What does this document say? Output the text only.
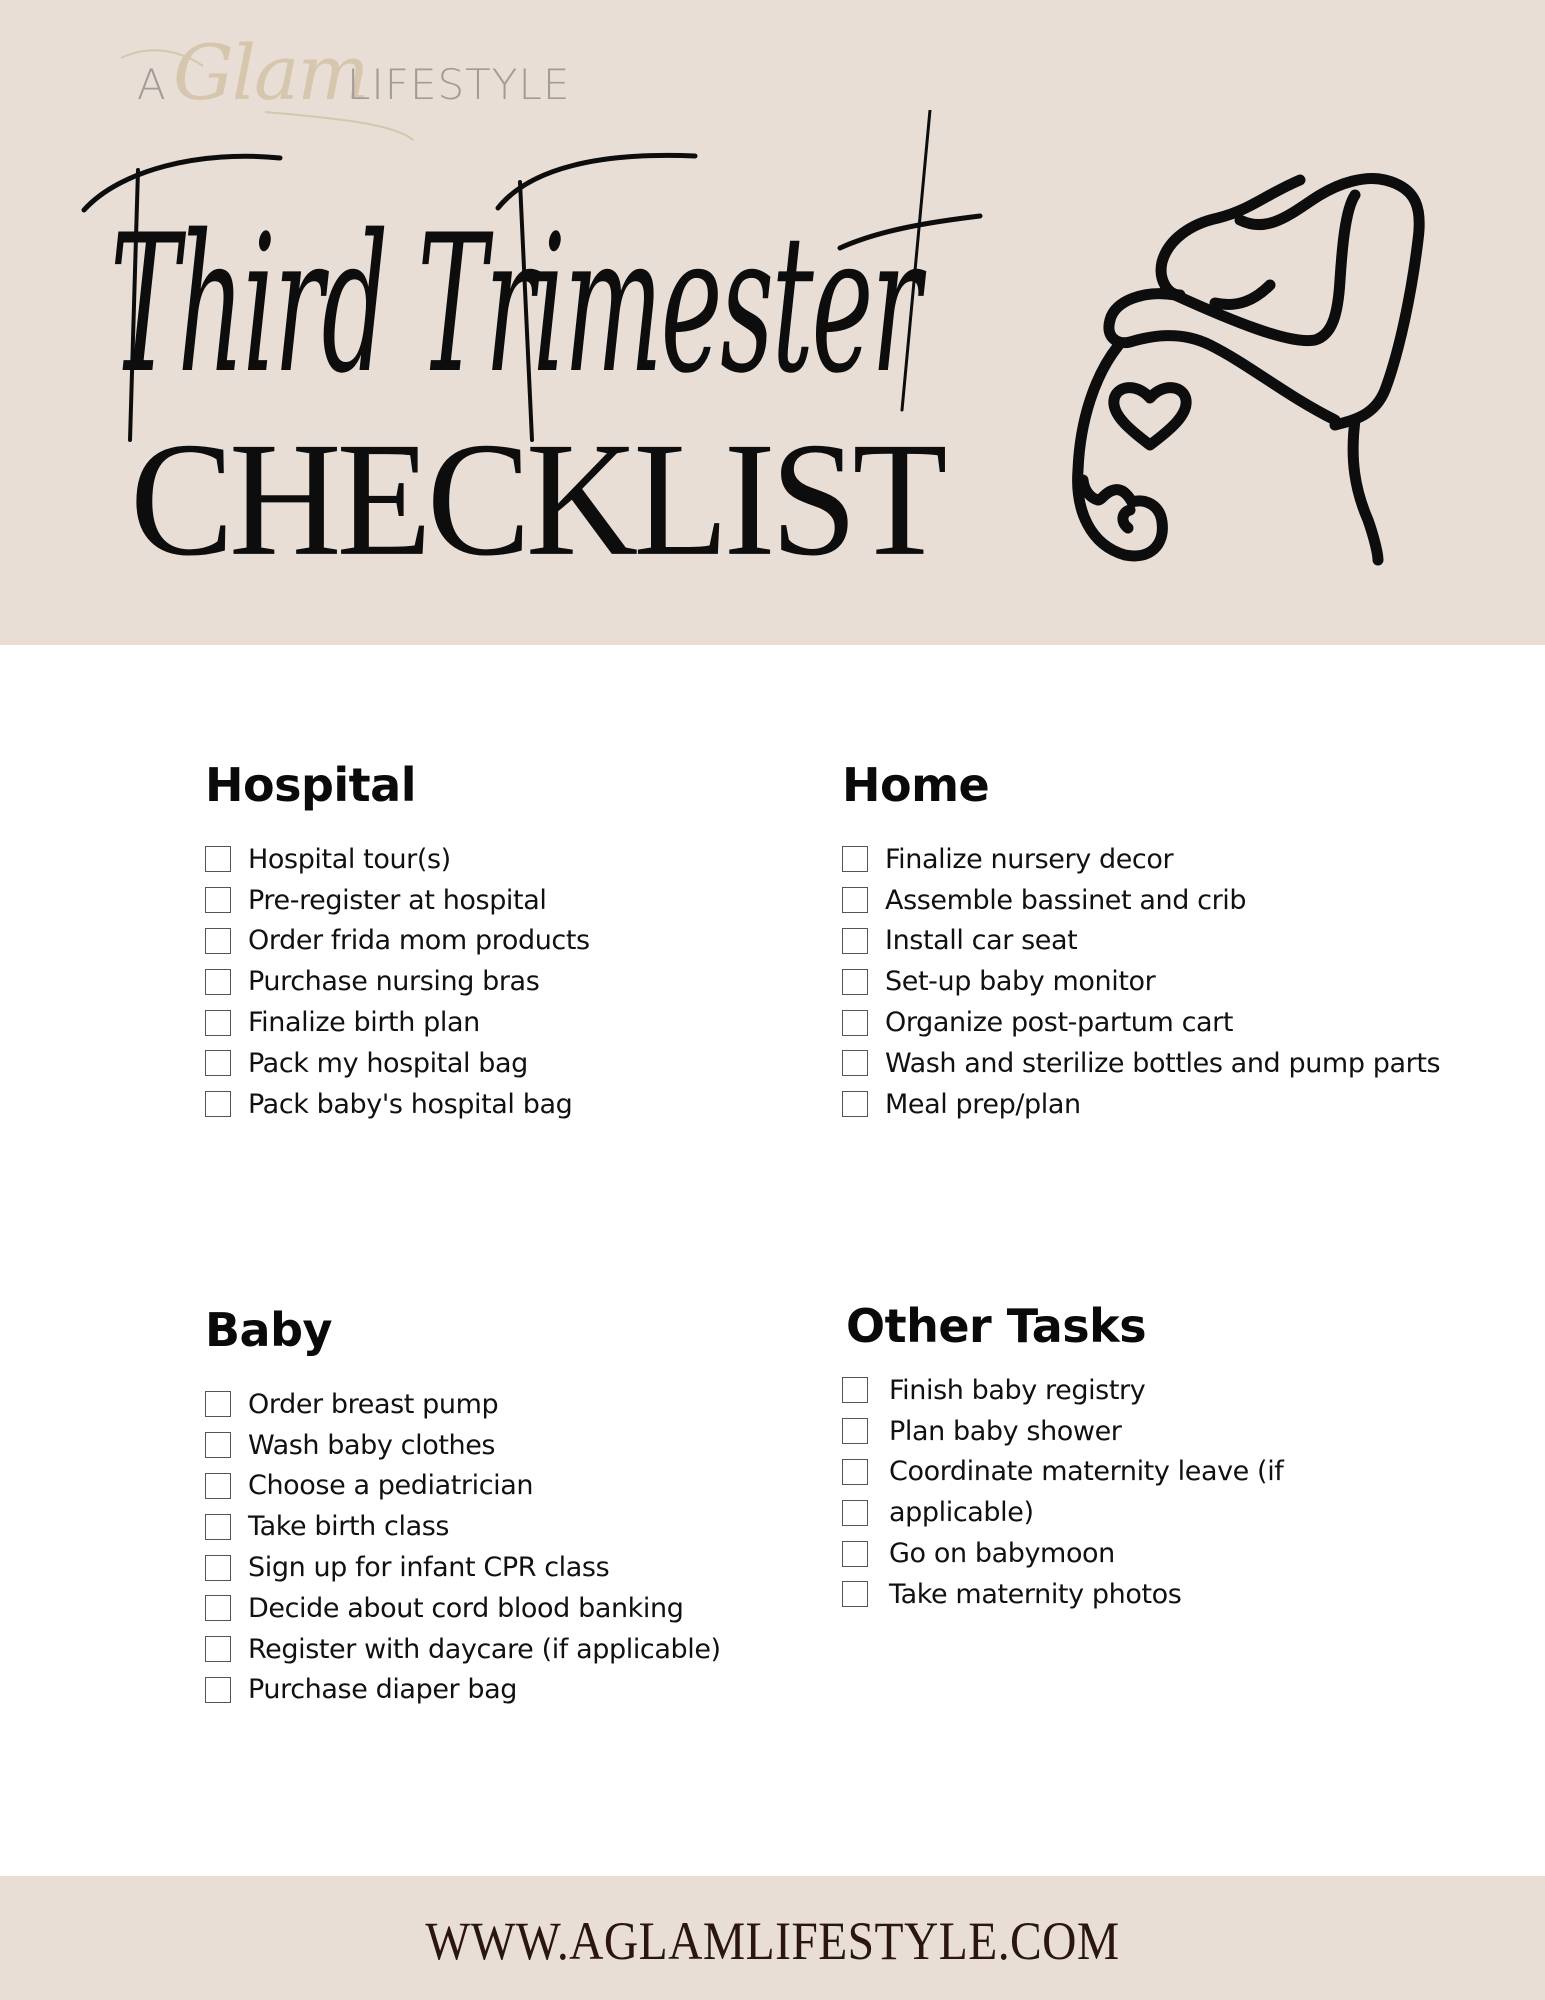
A Glam
LIFESTYLE
Third Trimester
CHECKLIST
Hospital
Hospital tour(s)
Pre-register at hospital
Order frida mom products
Purchase nursing bras
Finalize birth plan
Pack my hospital bag
Pack baby's hospital bag
Home
Finalize nursery decor
Assemble bassinet and crib
Install car seat
Set-up baby monitor
Organize post-partum cart
Wash and sterilize bottles and pump parts
Meal prep/plan
Baby
Order breast pump
Wash baby clothes
Choose a pediatrician
Take birth class
Sign up for infant CPR class
Decide about cord blood banking
Register with daycare (if applicable)
Purchase diaper bag
Other Tasks
Finish baby registry
Plan baby shower
Coordinate maternity leave (if
applicable)
Go on babymoon
Take maternity photos
WWW.AGLAMLIFESTYLE.COM
